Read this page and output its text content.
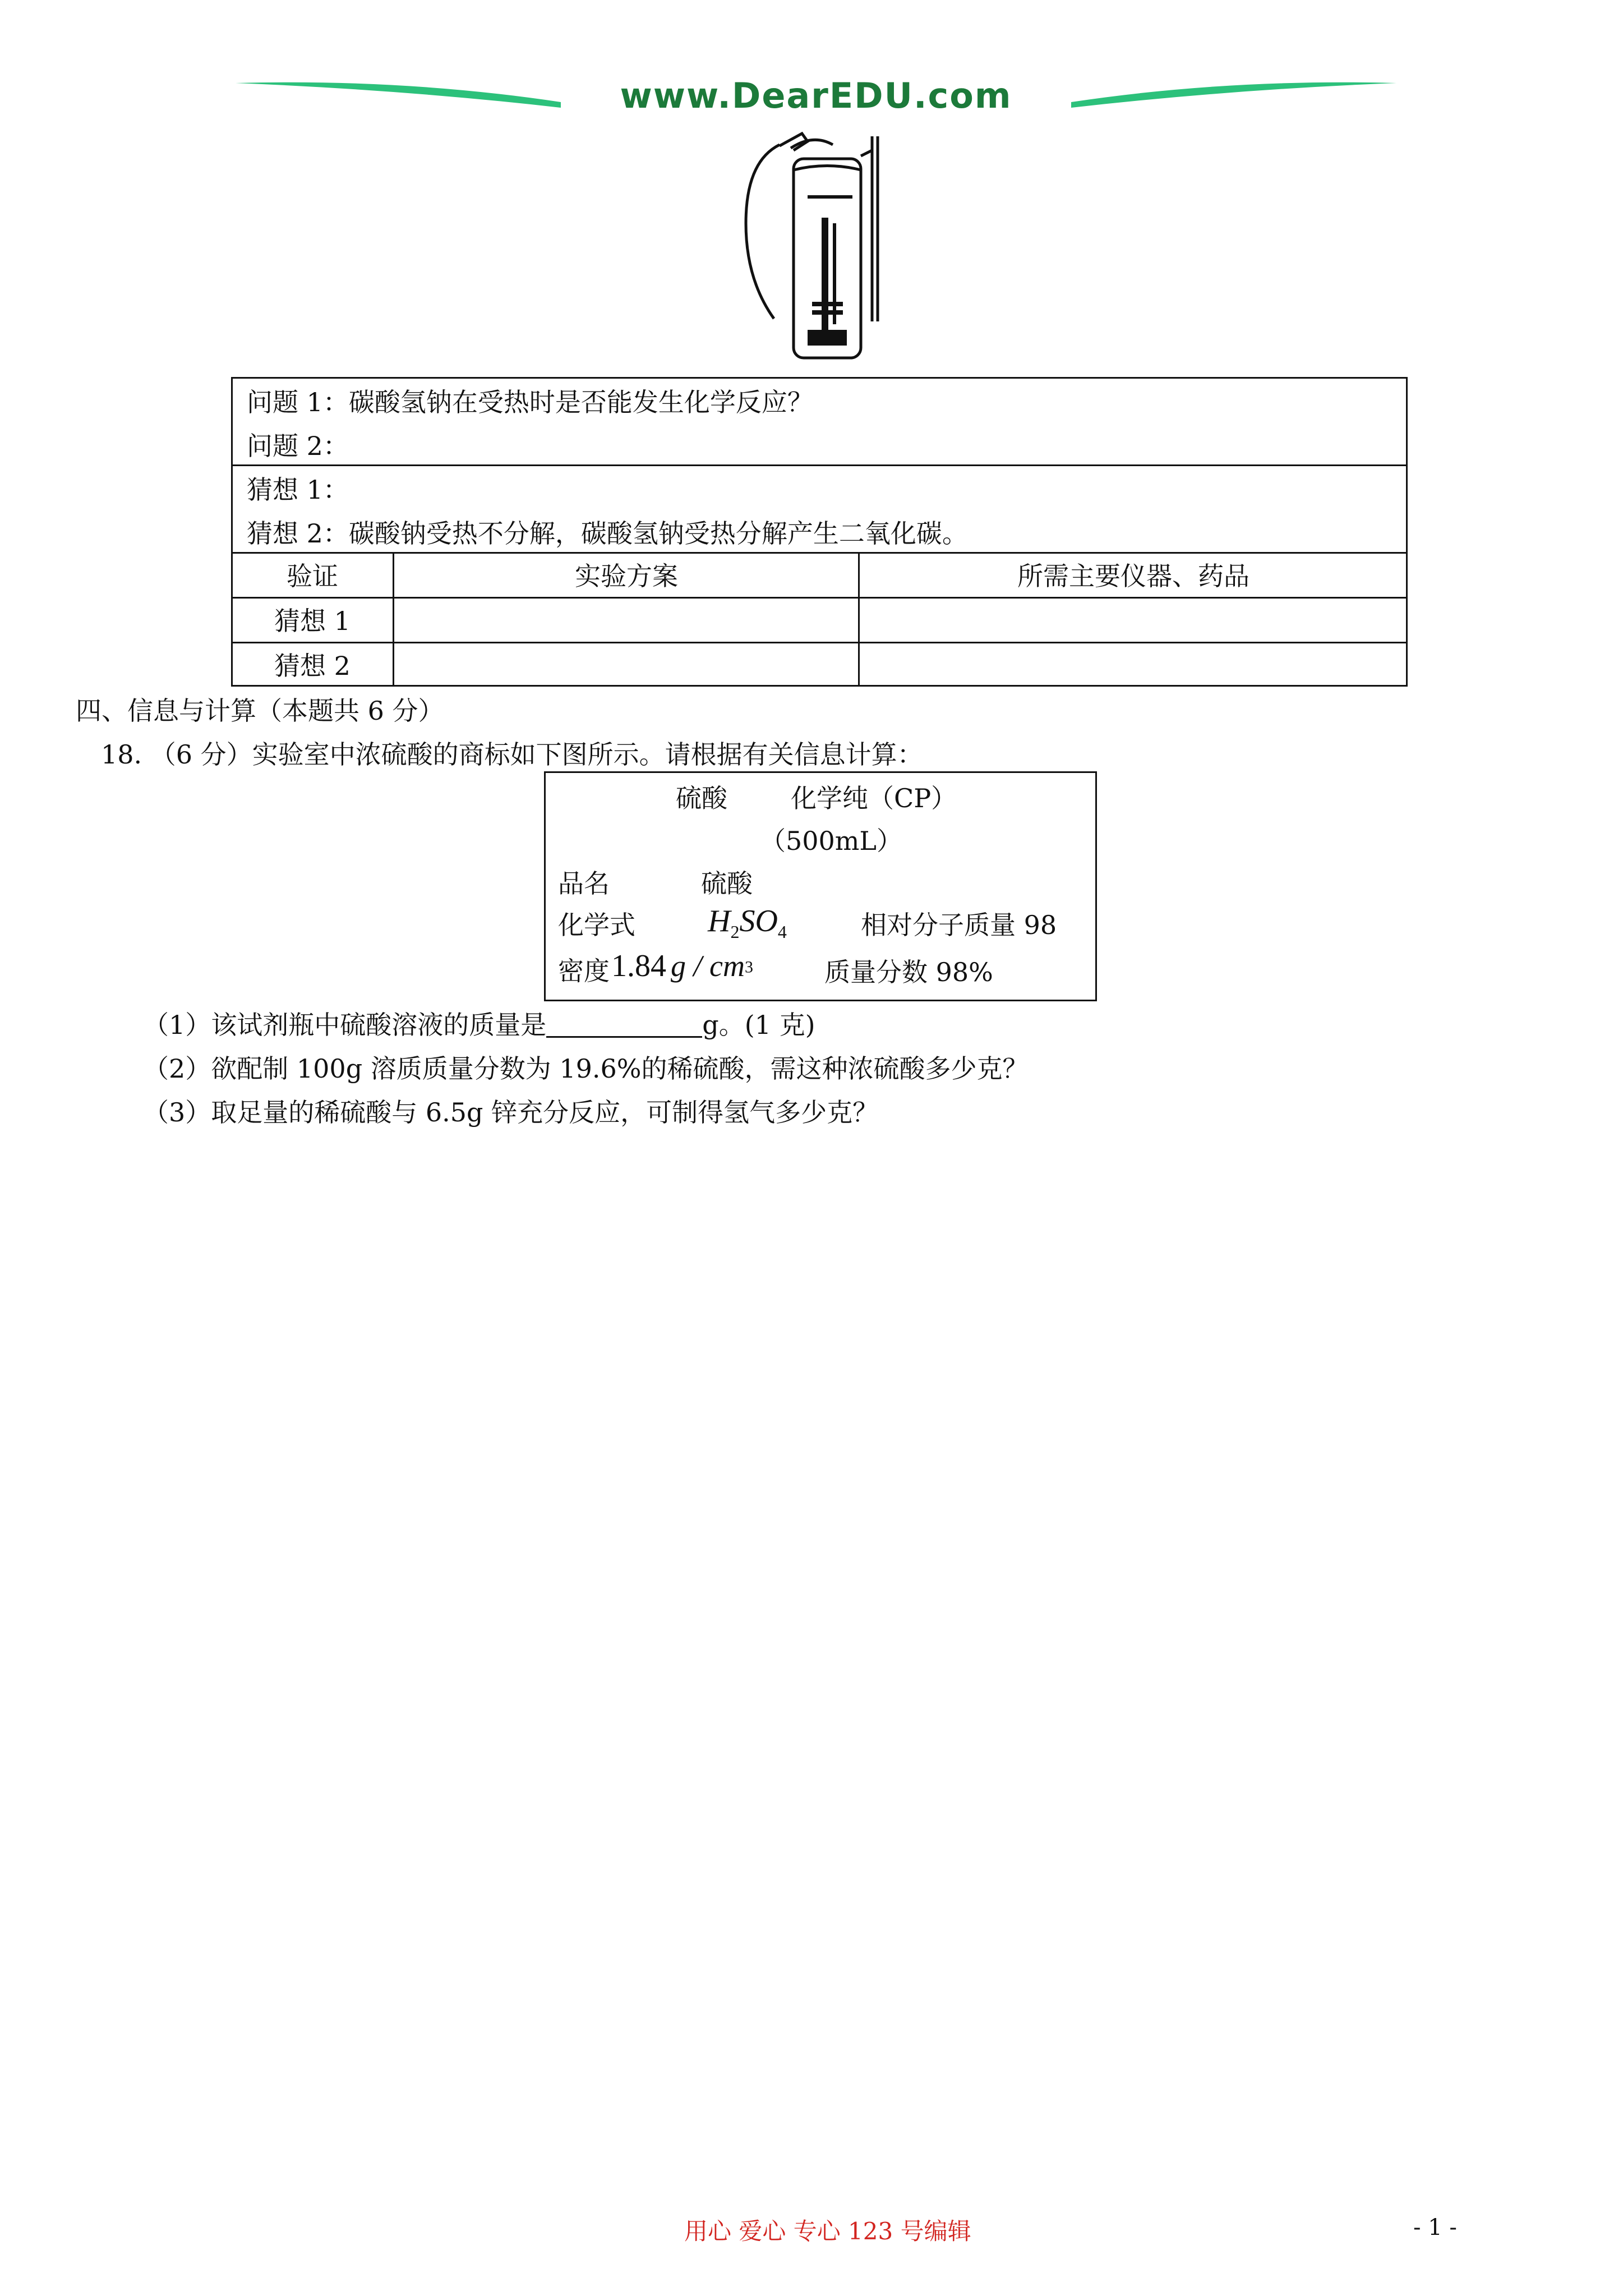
www.DearEDU.com
问题 1：碳酸氢钠在受热时是否能发生化学反应？
问题 2：
猜想 1：
猜想 2：碳酸钠受热不分解，碳酸氢钠受热分解产生二氧化碳。
验证	实验方案	所需主要仪器、药品
猜想 1
猜想 2
四、信息与计算（本题共 6 分）
18. （6 分）实验室中浓硫酸的商标如下图所示。请根据有关信息计算：
硫酸 化学纯（CP）
（500mL）
品名	硫酸
化学式 $H_2SO_4$	相对分子质量 98
密度 1.84 g / $cm^3$	质量分数 98%
（1）该试剂瓶中硫酸溶液的质量是	g。(1 克)
（2）欲配制 100g 溶质质量分数为 19.6%的稀硫酸，需这种浓硫酸多少克？
（3）取足量的稀硫酸与 6.5g 锌充分反应，可制得氢气多少克？
用心 爱心 专心 123 号编辑	- 1 -
